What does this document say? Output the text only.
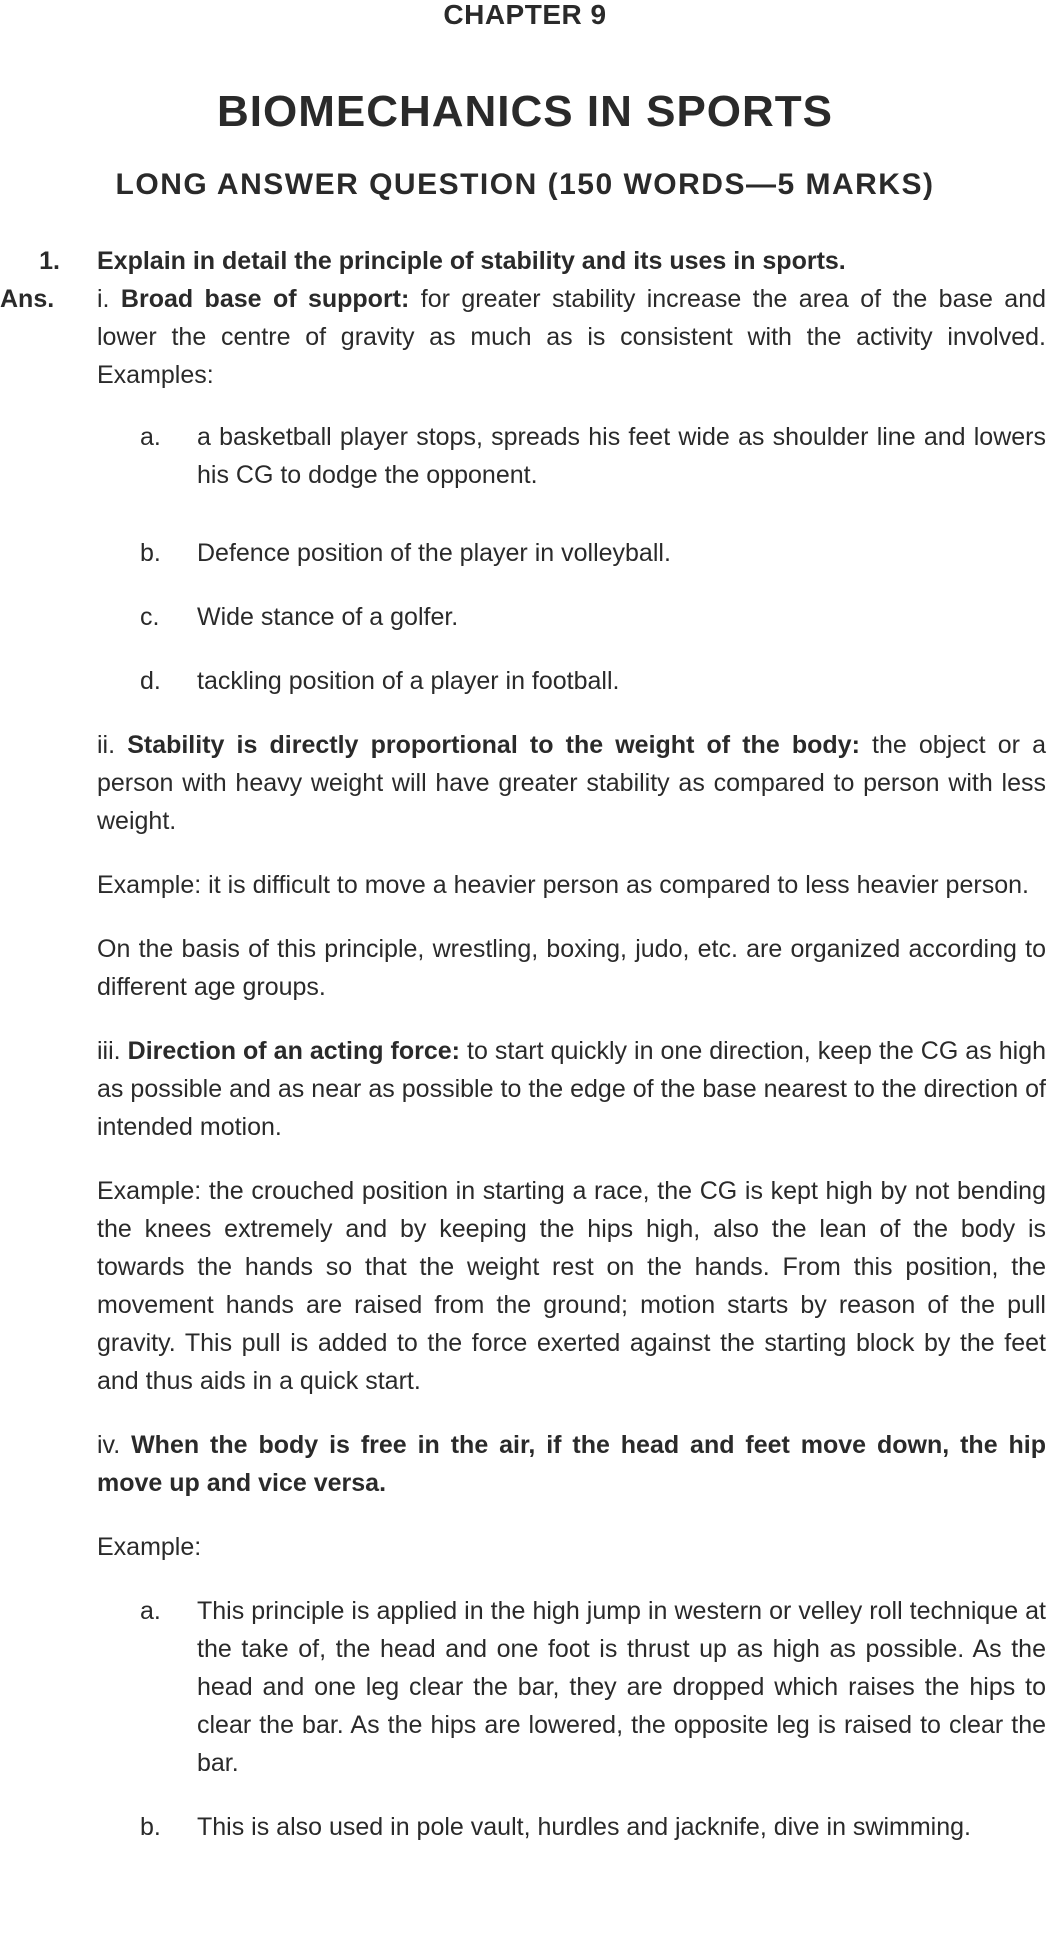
CHAPTER 9
BIOMECHANICS IN SPORTS
LONG ANSWER QUESTION (150 WORDS—5 MARKS)
1. Explain in detail the principle of stability and its uses in sports.
Ans. i. Broad base of support: for greater stability increase the area of the base and lower the centre of gravity as much as is consistent with the activity involved. Examples:
a.	a basketball player stops, spreads his feet wide as shoulder line and lowers his CG to dodge the opponent.
b.	Defence position of the player in volleyball.
c.	Wide stance of a golfer.
d.	tackling position of a player in football.
ii. Stability is directly proportional to the weight of the body: the object or a person with heavy weight will have greater stability as compared to person with less weight.
Example: it is difficult to move a heavier person as compared to less heavier person.
On the basis of this principle, wrestling, boxing, judo, etc. are organized according to different age groups.
iii. Direction of an acting force: to start quickly in one direction, keep the CG as high as possible and as near as possible to the edge of the base nearest to the direction of intended motion.
Example: the crouched position in starting a race, the CG is kept high by not bending the knees extremely and by keeping the hips high, also the lean of the body is towards the hands so that the weight rest on the hands. From this position, the movement hands are raised from the ground; motion starts by reason of the pull gravity. This pull is added to the force exerted against the starting block by the feet and thus aids in a quick start.
iv. When the body is free in the air, if the head and feet move down, the hip move up and vice versa.
Example:
a.	This principle is applied in the high jump in western or velley roll technique at the take of, the head and one foot is thrust up as high as possible. As the head and one leg clear the bar, they are dropped which raises the hips to clear the bar. As the hips are lowered, the opposite leg is raised to clear the bar.
b.	This is also used in pole vault, hurdles and jacknife, dive in swimming.
